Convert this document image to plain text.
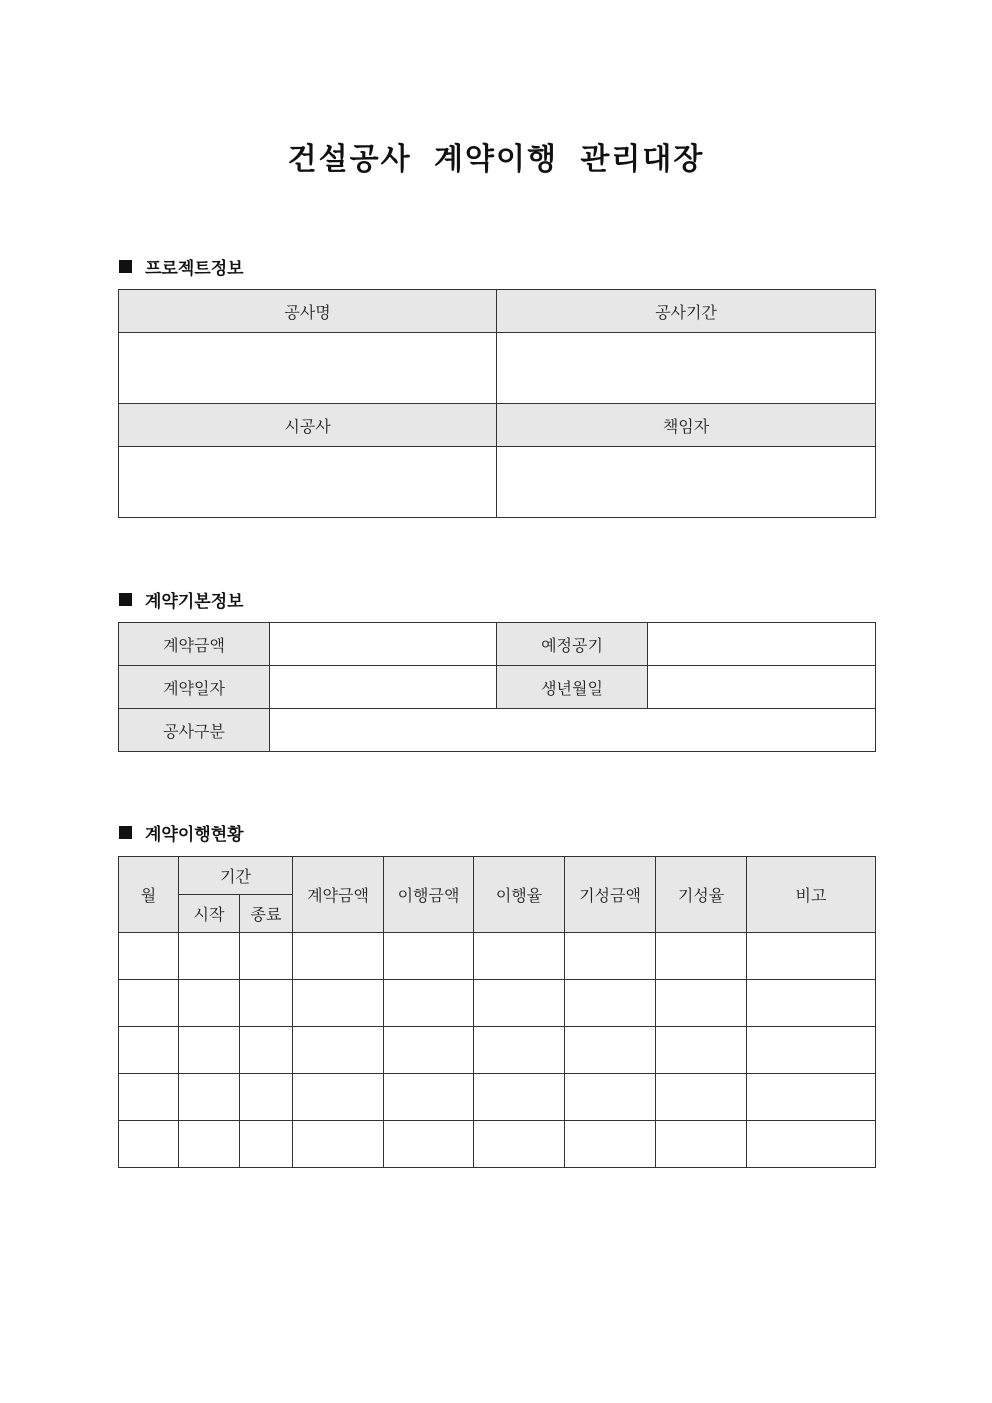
건설공사 계약이행 관리대장
프로젝트정보
공사명	공사기간

시공사	책임자

계약기본정보
계약금액		예정공기	
계약일자		생년월일	
공사구분			
계약이행현황
월	기간		계약금액	이행금액	이행율	기성금액	기성율	비고
	시작	종료						
